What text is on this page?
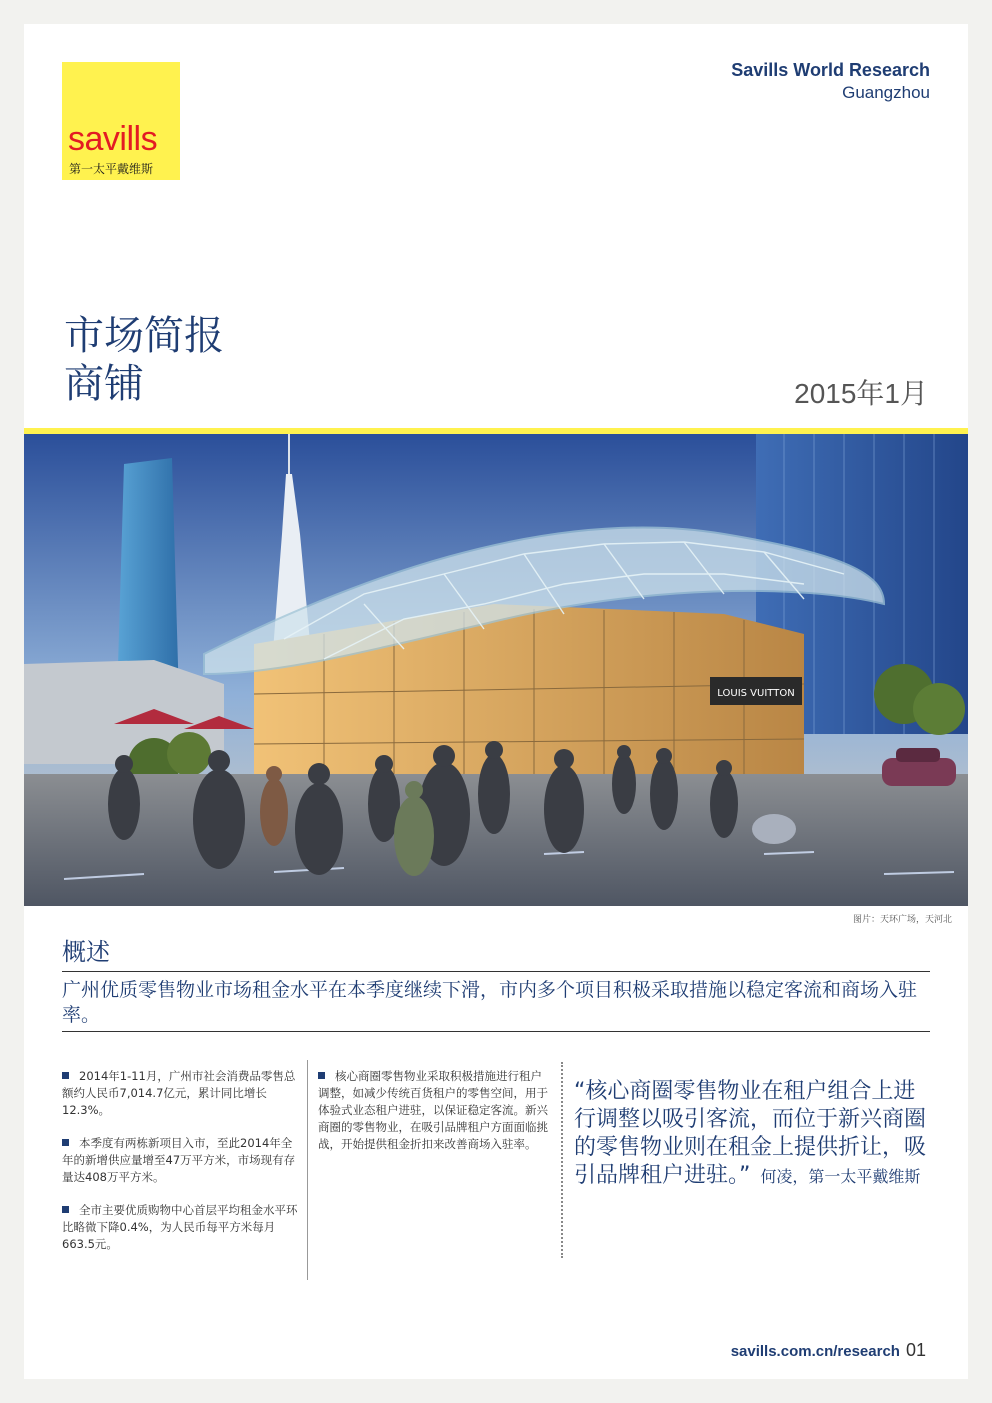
savills
第一太平戴维斯
Savills World Research
Guangzhou
市场简报
商铺	2015年1月
LOUIS VUITTON
图片：天环广场，天河北
概述
广州优质零售物业市场租金水平在本季度继续下滑，市内多个项目积极采取措施以稳定客流和商场入驻率。
2014年1-11月，广州市社会消费品零售总额约人民币7,014.7亿元，累计同比增长12.3%。
本季度有两栋新项目入市，至此2014年全年的新增供应量增至47万平方米，市场现有存量达408万平方米。
全市主要优质购物中心首层平均租金水平环比略微下降0.4%，为人民币每平方米每月663.5元。
核心商圈零售物业采取积极措施进行租户调整，如减少传统百货租户的零售空间，用于体验式业态租户进驻，以保证稳定客流。新兴商圈的零售物业，在吸引品牌租户方面面临挑战，开始提供租金折扣来改善商场入驻率。
“核心商圈零售物业在租户组合上进行调整以吸引客流，而位于新兴商圈的零售物业则在租金上提供折让，吸引品牌租户进驻。” 何凌，第一太平戴维斯
savills.com.cn/research 01
